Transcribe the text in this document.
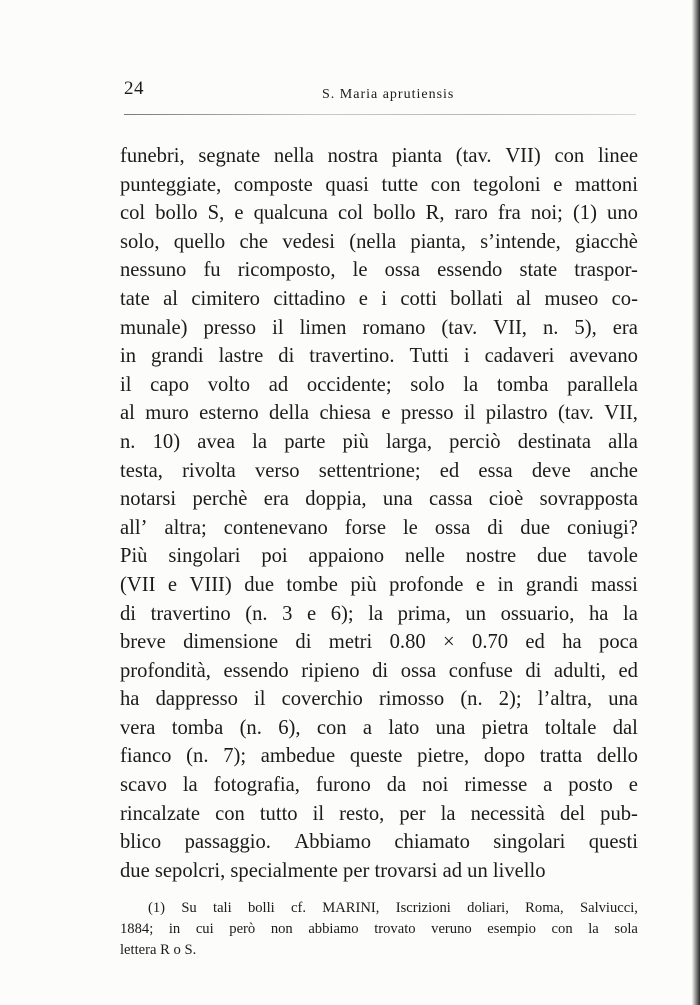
24	S. Maria aprutiensis
funebri, segnate nella nostra pianta (tav. VII) con linee
punteggiate, composte quasi tutte con tegoloni e mattoni
col bollo S, e qualcuna col bollo R, raro fra noi; (1) uno
solo, quello che vedesi (nella pianta, s’intende, giacchè
nessuno fu ricomposto, le ossa essendo state traspor-
tate al cimitero cittadino e i cotti bollati al museo co-
munale) presso il limen romano (tav. VII, n. 5), era
in grandi lastre di travertino. Tutti i cadaveri avevano
il capo volto ad occidente; solo la tomba parallela
al muro esterno della chiesa e presso il pilastro (tav. VII,
n. 10) avea la parte più larga, perciò destinata alla
testa, rivolta verso settentrione; ed essa deve anche
notarsi perchè era doppia, una cassa cioè sovrapposta
all’ altra; contenevano forse le ossa di due coniugi?
Più singolari poi appaiono nelle nostre due tavole
(VII e VIII) due tombe più profonde e in grandi massi
di travertino (n. 3 e 6); la prima, un ossuario, ha la
breve dimensione di metri 0.80 × 0.70 ed ha poca
profondità, essendo ripieno di ossa confuse di adulti, ed
ha dappresso il coverchio rimosso (n. 2); l’altra, una
vera tomba (n. 6), con a lato una pietra toltale dal
fianco (n. 7); ambedue queste pietre, dopo tratta dello
scavo la fotografia, furono da noi rimesse a posto e
rincalzate con tutto il resto, per la necessità del pub-
blico passaggio. Abbiamo chiamato singolari questi
due sepolcri, specialmente per trovarsi ad un livello
(1) Su tali bolli cf. MARINI, Iscrizioni doliari, Roma, Salviucci,
1884; in cui però non abbiamo trovato veruno esempio con la sola
lettera R o S.
